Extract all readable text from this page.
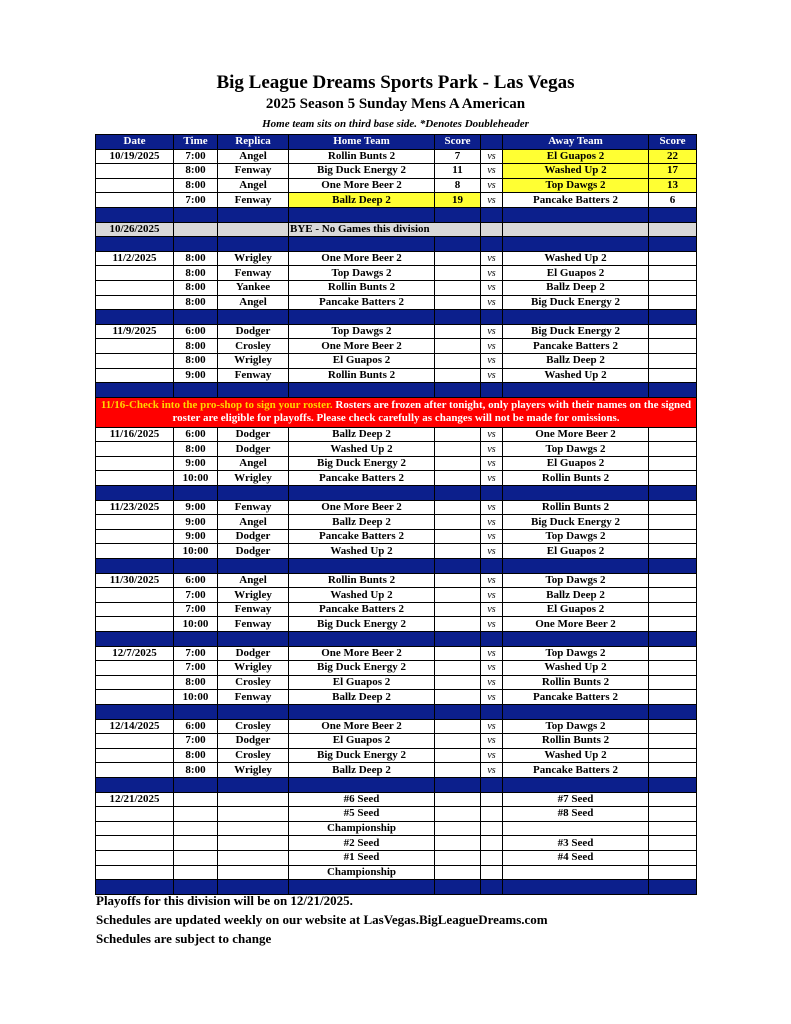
Big League Dreams Sports Park - Las Vegas
2025 Season 5 Sunday Mens A American
Home team sits on third base side. *Denotes Doubleheader
Date	Time	Replica	Home Team	Score		Away Team	Score
10/19/2025	7:00	Angel	Rollin Bunts 2	7	vs	El Guapos 2	22
	8:00	Fenway	Big Duck Energy 2	11	vs	Washed Up 2	17
	8:00	Angel	One More Beer 2	8	vs	Top Dawgs 2	13
	7:00	Fenway	Ballz Deep 2	19	vs	Pancake Batters 2	6

10/26/2025			BYE - No Games this division				

11/2/2025	8:00	Wrigley	One More Beer 2		vs	Washed Up 2	
	8:00	Fenway	Top Dawgs 2		vs	El Guapos 2	
	8:00	Yankee	Rollin Bunts 2		vs	Ballz Deep 2	
	8:00	Angel	Pancake Batters 2		vs	Big Duck Energy 2	

11/9/2025	6:00	Dodger	Top Dawgs 2		vs	Big Duck Energy 2	
	8:00	Crosley	One More Beer 2		vs	Pancake Batters 2	
	8:00	Wrigley	El Guapos 2		vs	Ballz Deep 2	
	9:00	Fenway	Rollin Bunts 2		vs	Washed Up 2	

11/16-Check into the pro-shop to sign your roster. Rosters are frozen after tonight, only players with their names on the signed roster are eligible for playoffs. Please check carefully as changes will not be made for omissions.							
11/16/2025	6:00	Dodger	Ballz Deep 2		vs	One More Beer 2	
	8:00	Dodger	Washed Up 2		vs	Top Dawgs 2	
	9:00	Angel	Big Duck Energy 2		vs	El Guapos 2	
	10:00	Wrigley	Pancake Batters 2		vs	Rollin Bunts 2	

11/23/2025	9:00	Fenway	One More Beer 2		vs	Rollin Bunts 2	
	9:00	Angel	Ballz Deep 2		vs	Big Duck Energy 2	
	9:00	Dodger	Pancake Batters 2		vs	Top Dawgs 2	
	10:00	Dodger	Washed Up 2		vs	El Guapos 2	

11/30/2025	6:00	Angel	Rollin Bunts 2		vs	Top Dawgs 2	
	7:00	Wrigley	Washed Up 2		vs	Ballz Deep 2	
	7:00	Fenway	Pancake Batters 2		vs	El Guapos 2	
	10:00	Fenway	Big Duck Energy 2		vs	One More Beer 2	

12/7/2025	7:00	Dodger	One More Beer 2		vs	Top Dawgs 2	
	7:00	Wrigley	Big Duck Energy 2		vs	Washed Up 2	
	8:00	Crosley	El Guapos 2		vs	Rollin Bunts 2	
	10:00	Fenway	Ballz Deep 2		vs	Pancake Batters 2	

12/14/2025	6:00	Crosley	One More Beer 2		vs	Top Dawgs 2	
	7:00	Dodger	El Guapos 2		vs	Rollin Bunts 2	
	8:00	Crosley	Big Duck Energy 2		vs	Washed Up 2	
	8:00	Wrigley	Ballz Deep 2		vs	Pancake Batters 2	

12/21/2025			#6 Seed			#7 Seed	
			#5 Seed			#8 Seed	
			Championship				
			#2 Seed			#3 Seed	
			#1 Seed			#4 Seed	
			Championship				

Playoffs for this division will be on 12/21/2025.
Schedules are updated weekly on our website at LasVegas.BigLeagueDreams.com
Schedules are subject to change
